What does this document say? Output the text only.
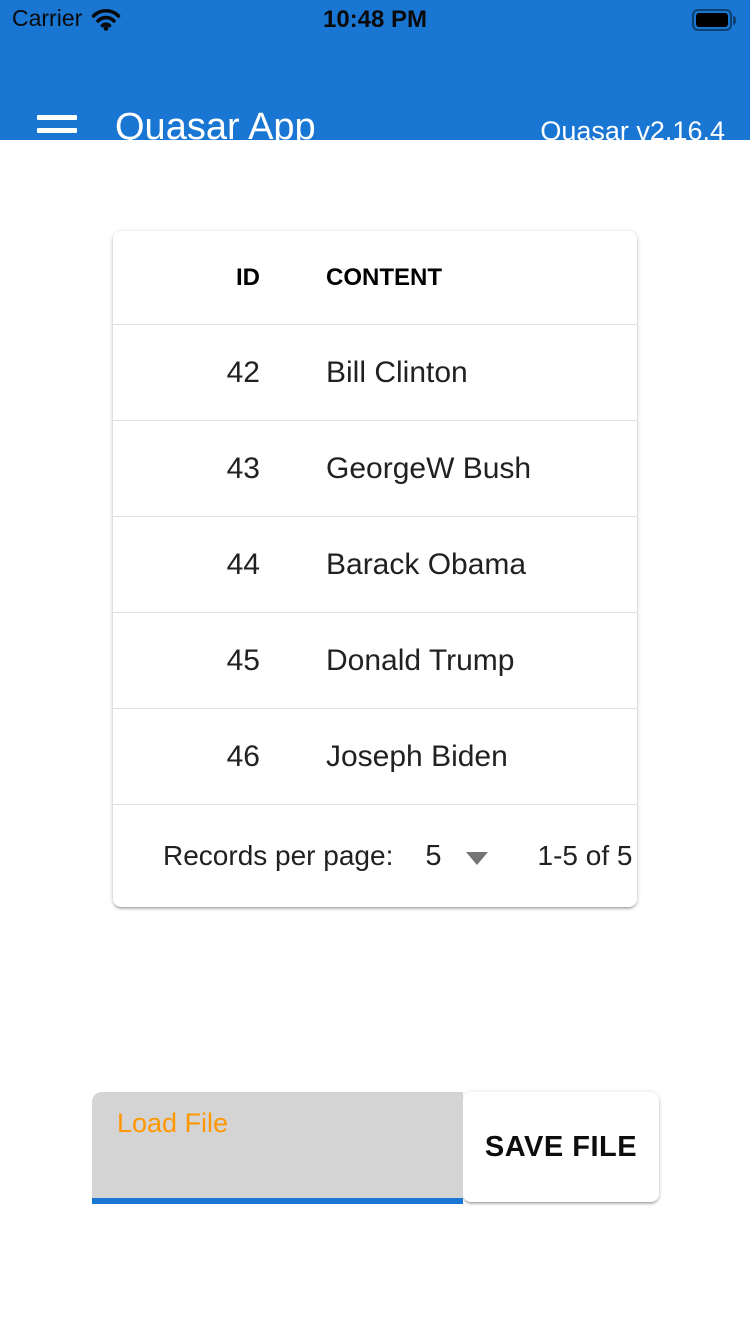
Carrier	10:48 PM
Quasar App	Quasar v2.16.4
ID	CONTENT
42	Bill Clinton
43	GeorgeW Bush
44	Barack Obama
45	Donald Trump
46	Joseph Biden
Records per page: 5	1-5 of 5
Load File
SAVE FILE
